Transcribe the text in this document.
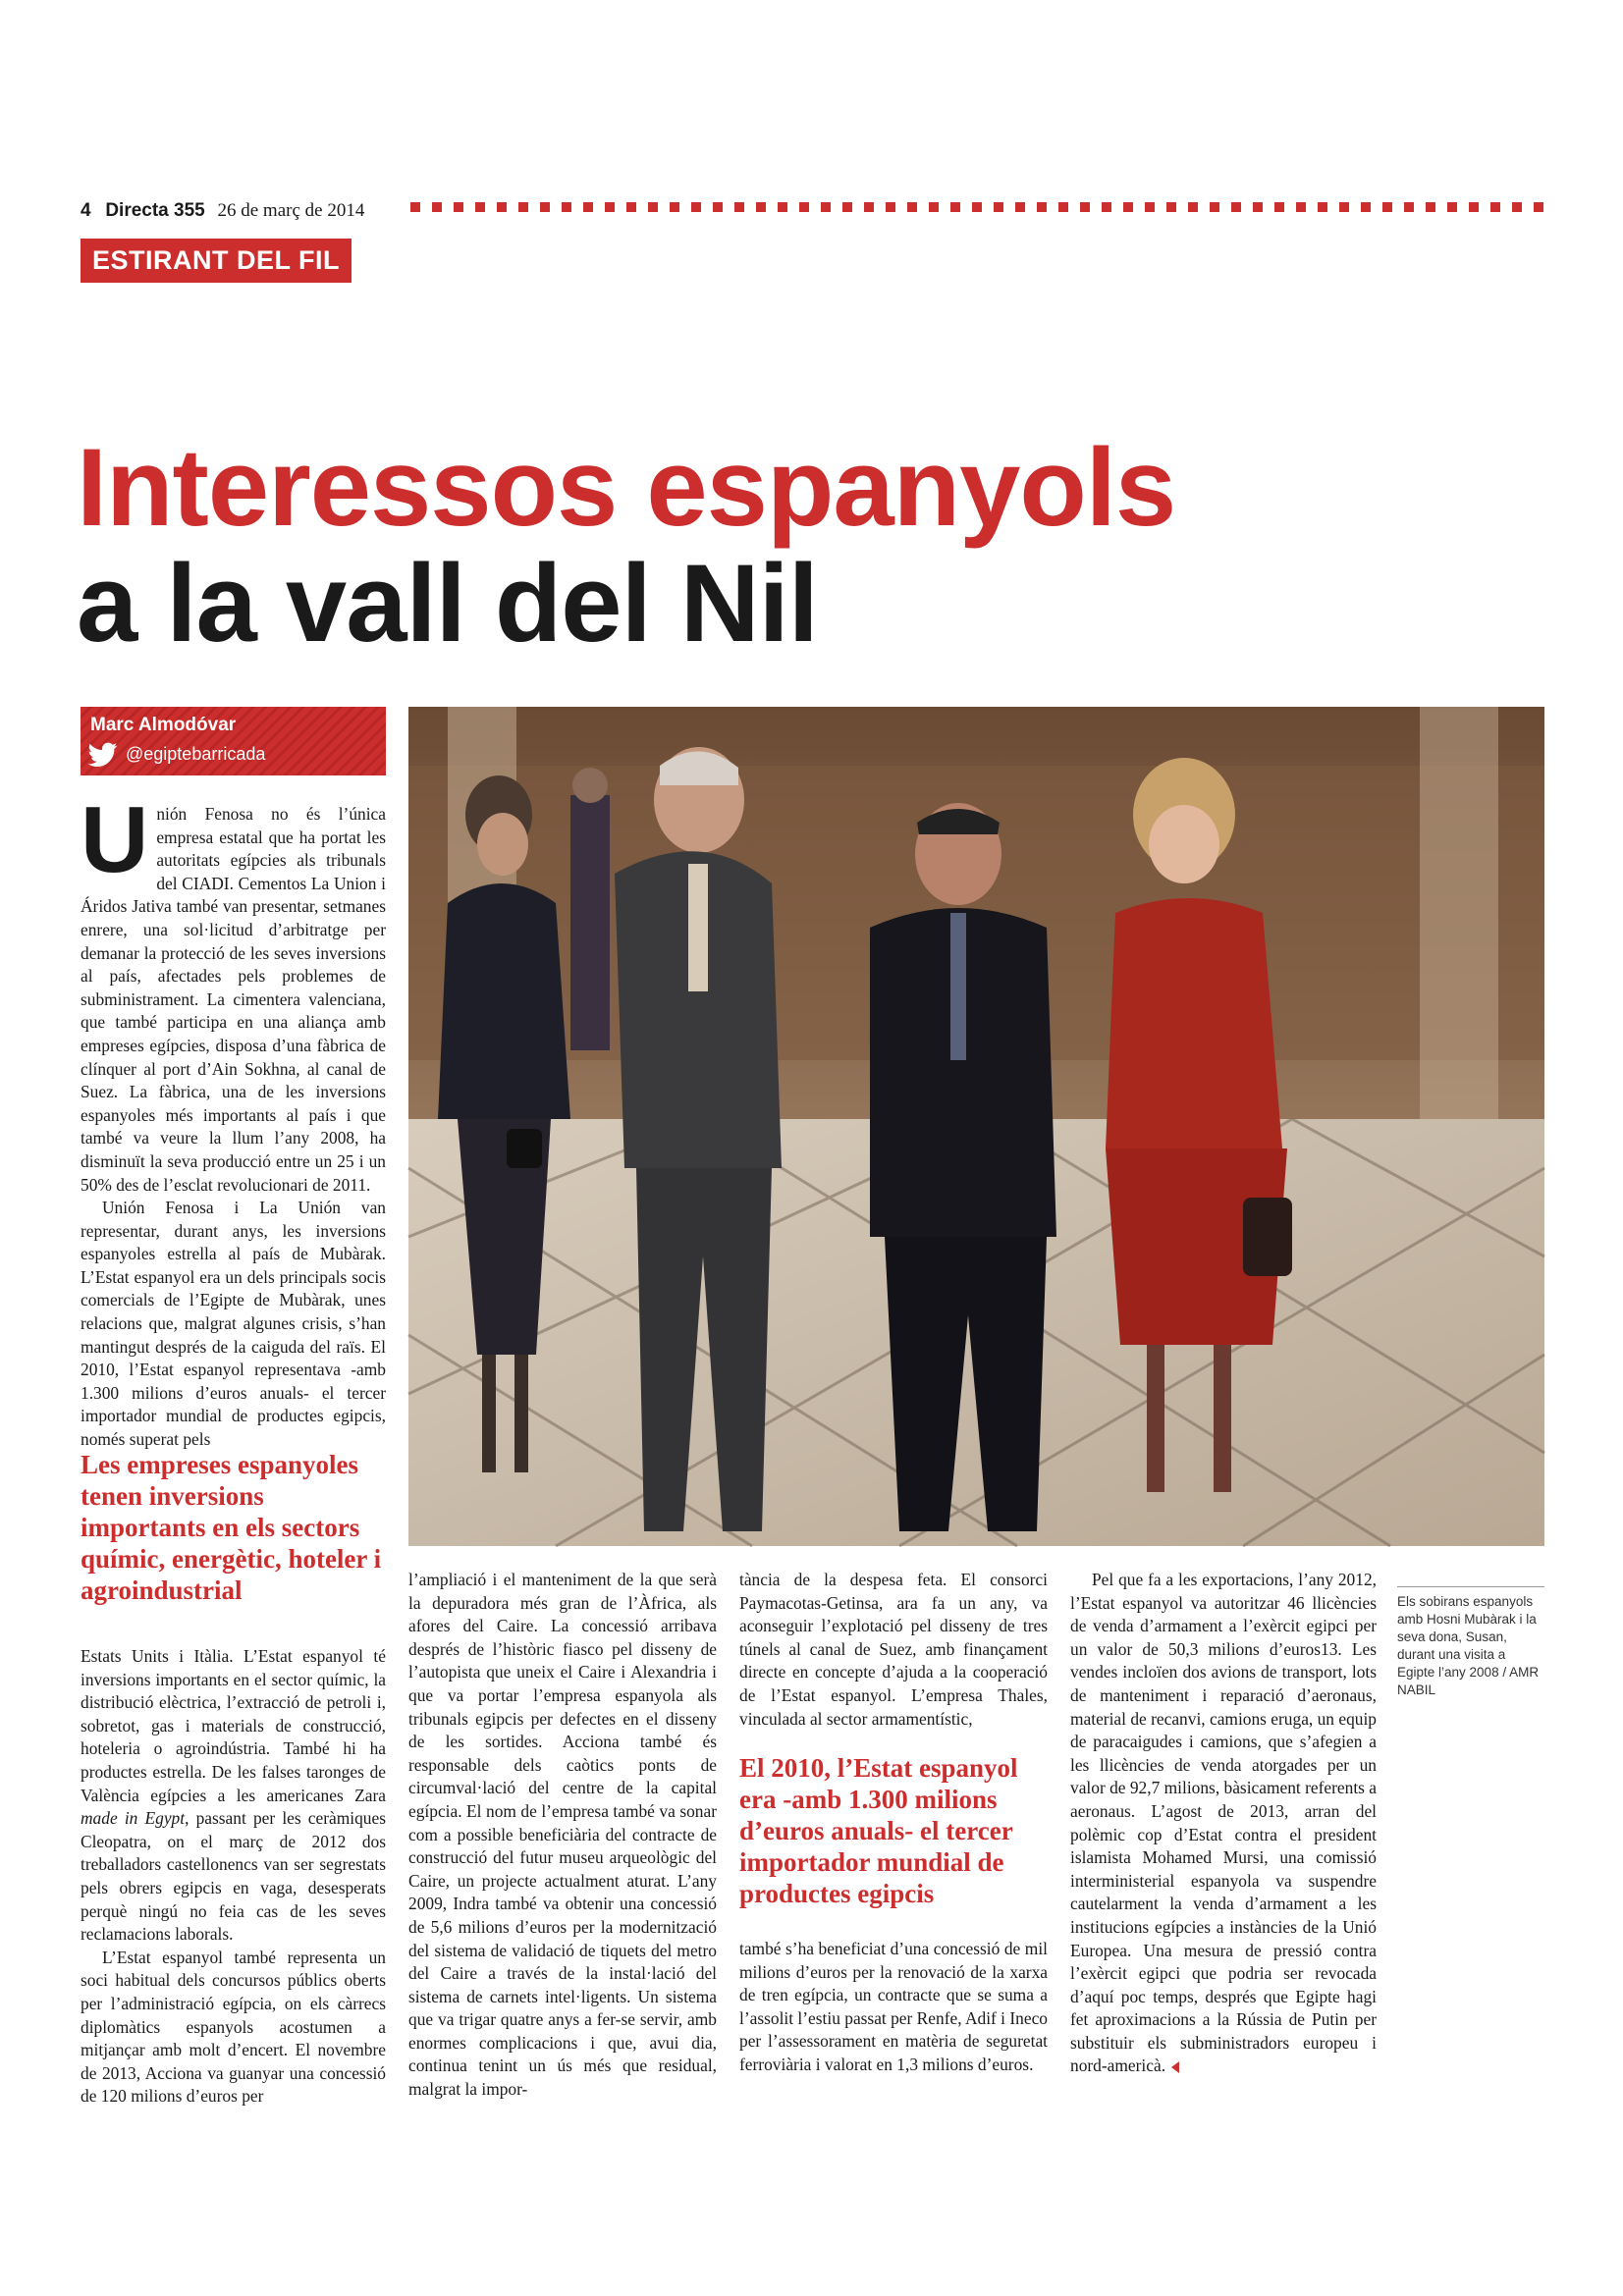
4 Directa 355 26 de març de 2014
ESTIRANT DEL FIL
Interessos espanyols
a la vall del Nil
Marc Almodóvar
@egiptebarricada

Unión Fenosa no és l’única empresa estatal que ha portat les autoritats egípcies als tribunals del CIADI. Cementos La Union i Áridos Jativa també van presentar, setmanes enrere, una sol·licitud d’arbitratge per demanar la protecció de les seves inversions al país, afectades pels problemes de subministrament. La cimentera valenciana, que també participa en una aliança amb empreses egípcies, disposa d’una fàbrica de clínquer al port d’Ain Sokhna, al canal de Suez. La fàbrica, una de les inversions espanyoles més importants al país i que també va veure la llum l’any 2008, ha disminuït la seva producció entre un 25 i un 50% des de l’esclat revolucionari de 2011.

Unión Fenosa i La Unión van representar, durant anys, les inversions espanyoles estrella al país de Mubàrak. L’Estat espanyol era un dels principals socis comercials de l’Egipte de Mubàrak, unes relacions que, malgrat algunes crisis, s’han mantingut després de la caiguda del raïs. El 2010, l’Estat espanyol representava -amb 1.300 milions d’euros anuals- el tercer importador mundial de productes egipcis, només superat pels

Les empreses espanyoles tenen inversions importants en els sectors químic, energètic, hoteler i agroindustrial

Estats Units i Itàlia. L’Estat espanyol té inversions importants en el sector químic, la distribució elèctrica, l’extracció de petroli i, sobretot, gas i materials de construcció, hoteleria o agroindústria. També hi ha productes estrella. De les falses taronges de València egípcies a les americanes Zara made in Egypt, passant per les ceràmiques Cleopatra, on el març de 2012 dos treballadors castellonencs van ser segrestats pels obrers egipcis en vaga, desesperats perquè ningú no feia cas de les seves reclamacions laborals.

L’Estat espanyol també representa un soci habitual dels concursos públics oberts per l’administració egípcia, on els càrrecs diplomàtics espanyols acostumen a mitjançar amb molt d’encert. El novembre de 2013, Acciona va guanyar una concessió de 120 milions d’euros per

l’ampliació i el manteniment de la que serà la depuradora més gran de l’Àfrica, als afores del Caire. La concessió arribava després de l’històric fiasco pel disseny de l’autopista que uneix el Caire i Alexandria i que va portar l’empresa espanyola als tribunals egipcis per defectes en el disseny de les sortides. Acciona també és responsable dels caòtics ponts de circumval·lació del centre de la capital egípcia. El nom de l’empresa també va sonar com a possible beneficiària del contracte de construcció del futur museu arqueològic del Caire, un projecte actualment aturat. L’any 2009, Indra també va obtenir una concessió de 5,6 milions d’euros per la modernització del sistema de validació de tiquets del metro del Caire a través de la instal·lació del sistema de carnets intel·ligents. Un sistema que va trigar quatre anys a fer-se servir, amb enormes complicacions i que, avui dia, continua tenint un ús més que residual, malgrat la impor-

tància de la despesa feta. El consorci Paymacotas-Getinsa, ara fa un any, va aconseguir l’explotació pel disseny de tres túnels al canal de Suez, amb finançament directe en concepte d’ajuda a la cooperació de l’Estat espanyol. L’empresa Thales, vinculada al sector armamentístic,

El 2010, l’Estat espanyol era -amb 1.300 milions d’euros anuals- el tercer importador mundial de productes egipcis

també s’ha beneficiat d’una concessió de mil milions d’euros per la renovació de la xarxa de tren egípcia, un contracte que se suma a l’assolit l’estiu passat per Renfe, Adif i Ineco per l’assessorament en matèria de seguretat ferroviària i valorat en 1,3 milions d’euros.

Pel que fa a les exportacions, l’any 2012, l’Estat espanyol va autoritzar 46 llicències de venda d’armament a l’exèrcit egipci per un valor de 50,3 milions d’euros13. Les vendes incloïen dos avions de transport, lots de manteniment i reparació d’aeronaus, material de recanvi, camions eruga, un equip de paracaigudes i camions, que s’afegien a les llicències de venda atorgades per un valor de 92,7 milions, bàsicament referents a aeronaus. L’agost de 2013, arran del polèmic cop d’Estat contra el president islamista Mohamed Mursi, una comissió interministerial espanyola va suspendre cautelarment la venda d’armament a les institucions egípcies a instàncies de la Unió Europea. Una mesura de pressió contra l’exèrcit egipci que podria ser revocada d’aquí poc temps, després que Egipte hagi fet aproximacions a la Rússia de Putin per substituir els subministradors europeu i nord-americà.

Els sobirans espanyols amb Hosni Mubàrak i la seva dona, Susan, durant una visita a Egipte l’any 2008 / AMR NABIL
